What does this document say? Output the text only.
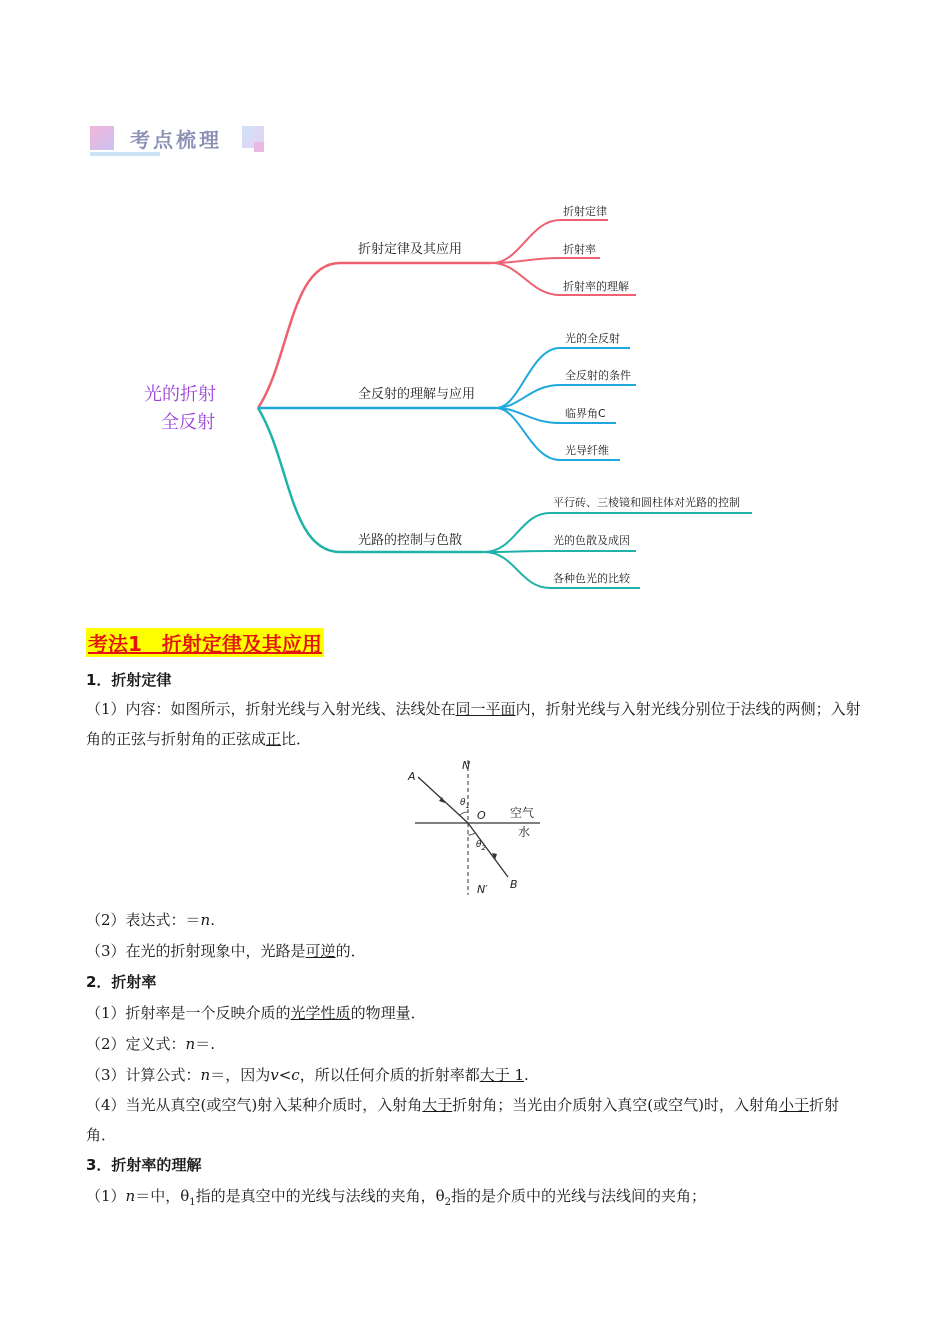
考点梳理
光的折射
全反射
折射定律及其应用
折射定律
折射率
折射率的理解
全反射的理解与应用
光的全反射
全反射的条件
临界角C
光导纤维
光路的控制与色散
平行砖、三棱镜和圆柱体对光路的控制
光的色散及成因
各种色光的比较
考法1　折射定律及其应用
1．折射定律
（1）内容：如图所示，折射光线与入射光线、法线处在同一平面内，折射光线与入射光线分别位于法线的两侧；入射角的正弦与折射角的正弦成正比．
A
N
$\theta_1$
O 空气
水
$\theta_2$
N′ B
（2）表达式：＝n.
（3）在光的折射现象中，光路是可逆的．
2．折射率
（1）折射率是一个反映介质的光学性质的物理量．
（2）定义式：n＝.
（3）计算公式：n＝，因为v<c，所以任何介质的折射率都大于 1.
（4）当光从真空(或空气)射入某种介质时，入射角大于折射角；当光由介质射入真空(或空气)时，入射角小于折射角．
3．折射率的理解
（1）n＝中，$\theta_1$指的是真空中的光线与法线的夹角，$\theta_2$指的是介质中的光线与法线间的夹角；
